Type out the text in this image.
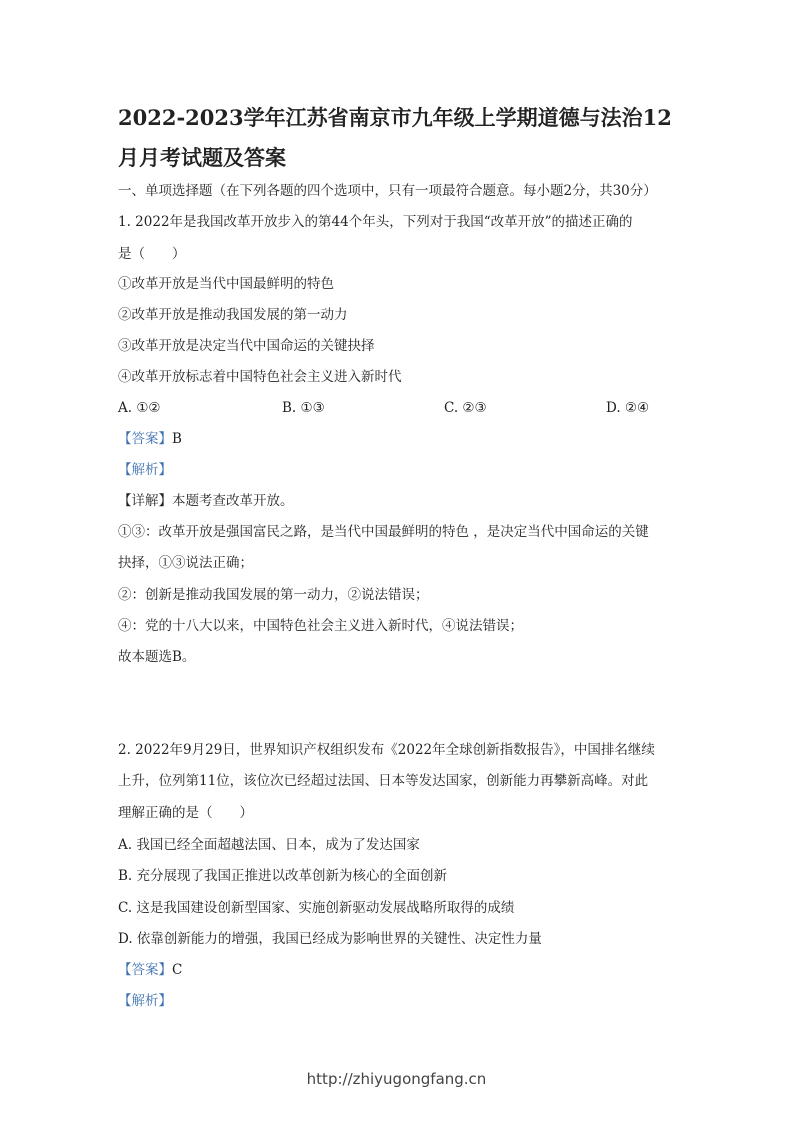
2022-2023学年江苏省南京市九年级上学期道德与法治12
月月考试题及答案
一、单项选择题（在下列各题的四个选项中，只有一项最符合题意。每小题2分，共30分）
1. 2022年是我国改革开放步入的第44个年头，下列对于我国“改革开放”的描述正确的
是（　　）
①改革开放是当代中国最鲜明的特色
②改革开放是推动我国发展的第一动力
③改革开放是决定当代中国命运的关键抉择
④改革开放标志着中国特色社会主义进入新时代
A. ①②	B. ①③	C. ②③	D. ②④
【答案】B
【解析】
【详解】本题考查改革开放。
①③：改革开放是强国富民之路，是当代中国最鲜明的特色 ，是决定当代中国命运的关键
抉择，①③说法正确；
②：创新是推动我国发展的第一动力，②说法错误；
④：党的十八大以来，中国特色社会主义进入新时代，④说法错误；
故本题选B。
2. 2022年9月29日，世界知识产权组织发布《2022年全球创新指数报告》，中国排名继续
上升，位列第11位，该位次已经超过法国、日本等发达国家，创新能力再攀新高峰。对此
理解正确的是（　　）
A. 我国已经全面超越法国、日本，成为了发达国家
B. 充分展现了我国正推进以改革创新为核心的全面创新
C. 这是我国建设创新型国家、实施创新驱动发展战略所取得的成绩
D. 依靠创新能力的增强，我国已经成为影响世界的关键性、决定性力量
【答案】C
【解析】
http://zhiyugongfang.cn
